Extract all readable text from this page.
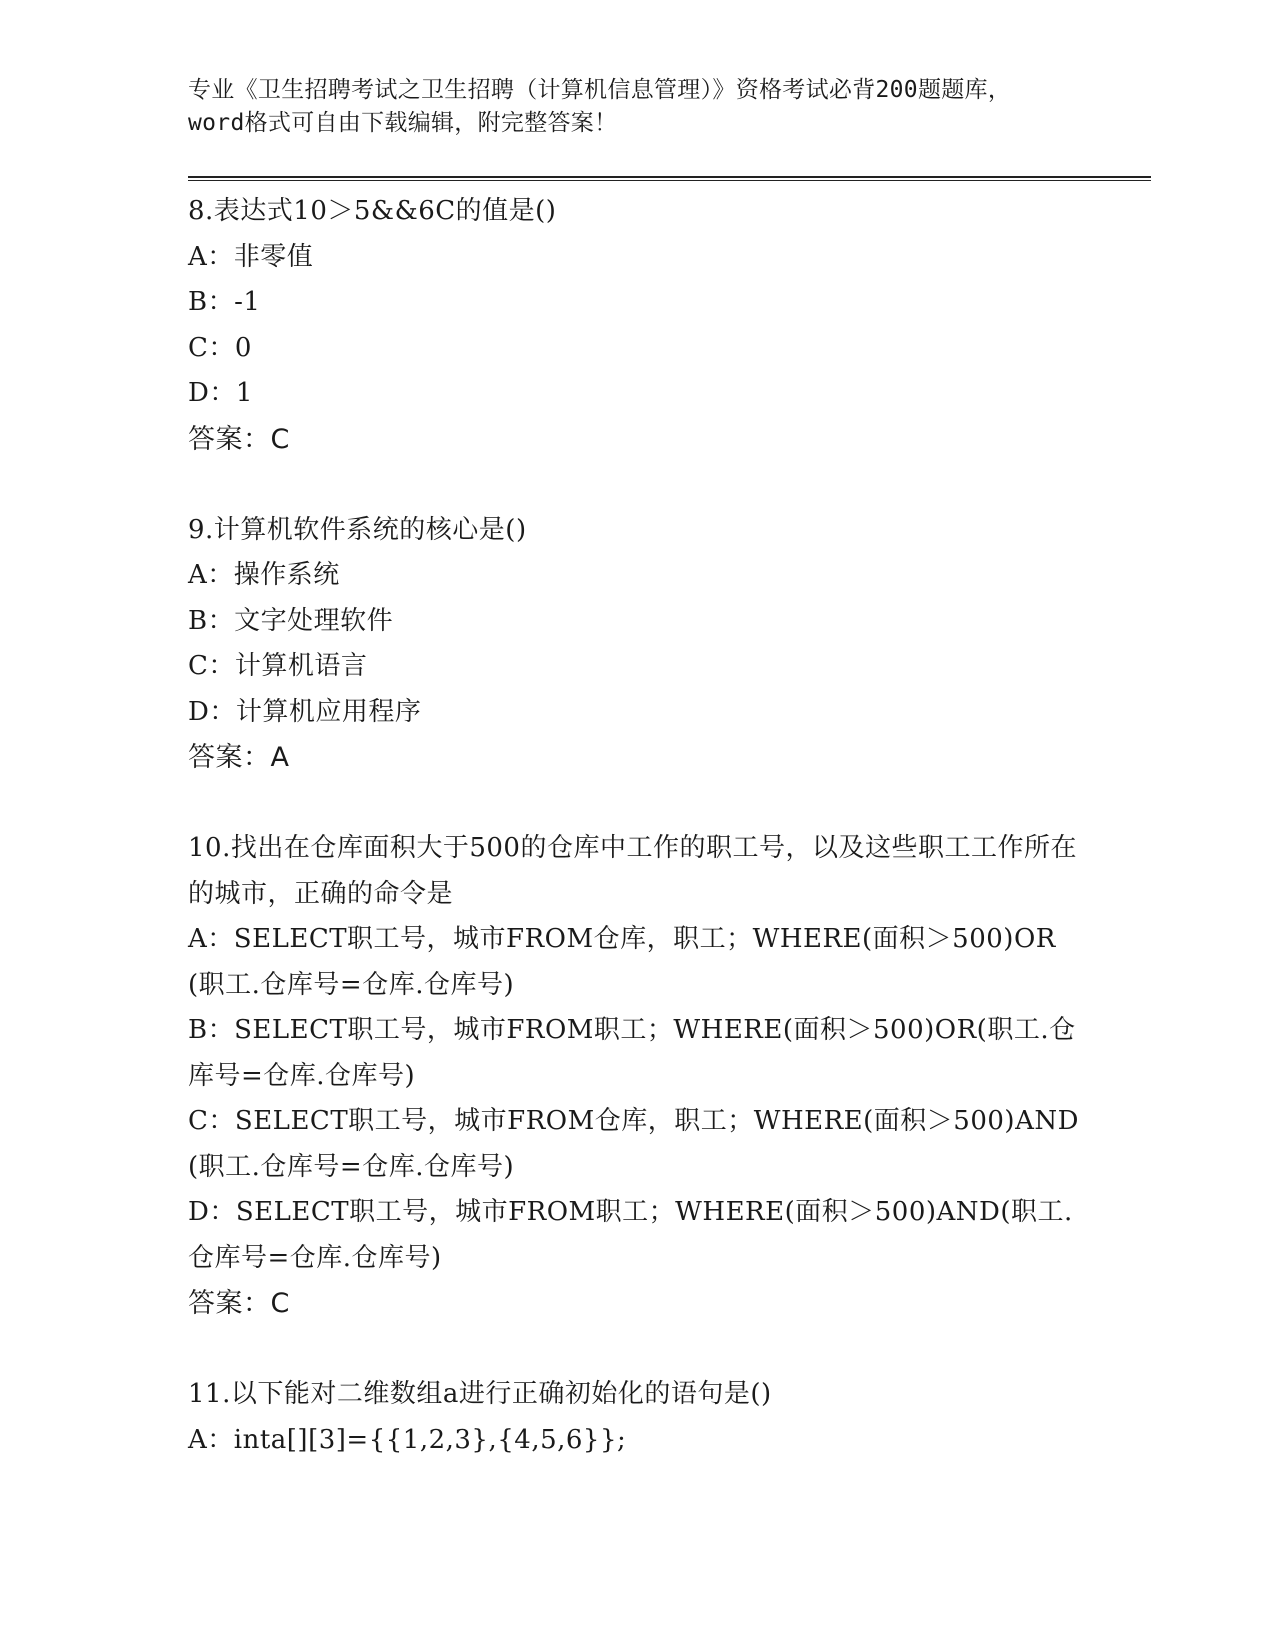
专业《卫生招聘考试之卫生招聘（计算机信息管理）》资格考试必背200题题库，
word格式可自由下载编辑，附完整答案！

8.表达式10＞5&&6C的值是()

A：非零值

B：-1

C：0

D：1

答案：C

9.计算机软件系统的核心是()

A：操作系统

B：文字处理软件

C：计算机语言

D：计算机应用程序

答案：A

10.找出在仓库面积大于500的仓库中工作的职工号，以及这些职工工作所在的城市，正确的命令是

A：SELECT职工号，城市FROM仓库，职工；WHERE(面积＞500)OR(职工.仓库号=仓库.仓库号)

B：SELECT职工号，城市FROM职工；WHERE(面积＞500)OR(职工.仓库号=仓库.仓库号)

C：SELECT职工号，城市FROM仓库，职工；WHERE(面积＞500)AND(职工.仓库号=仓库.仓库号)

D：SELECT职工号，城市FROM职工；WHERE(面积＞500)AND(职工.仓库号=仓库.仓库号)

答案：C

11.以下能对二维数组a进行正确初始化的语句是()

A：inta[][3]={{1,2,3},{4,5,6}};
